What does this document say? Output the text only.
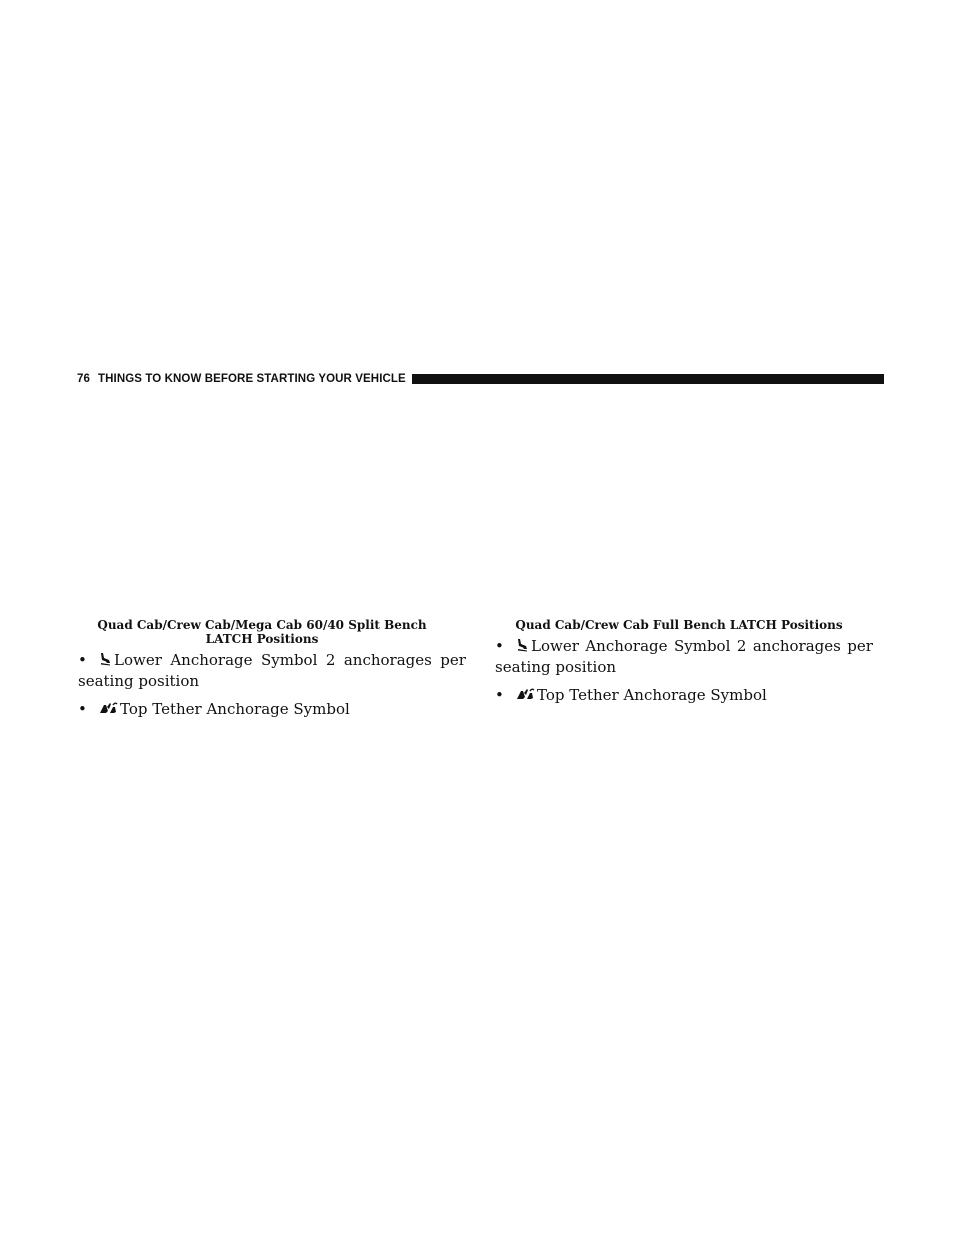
76 THINGS TO KNOW BEFORE STARTING YOUR VEHICLE
Quad Cab/Crew Cab/Mega Cab 60/40 Split Bench
LATCH Positions
• Lower Anchorage Symbol 2 anchorages per
seating position
• Top Tether Anchorage Symbol
Quad Cab/Crew Cab Full Bench LATCH Positions
• Lower Anchorage Symbol 2 anchorages per
seating position
• Top Tether Anchorage Symbol
